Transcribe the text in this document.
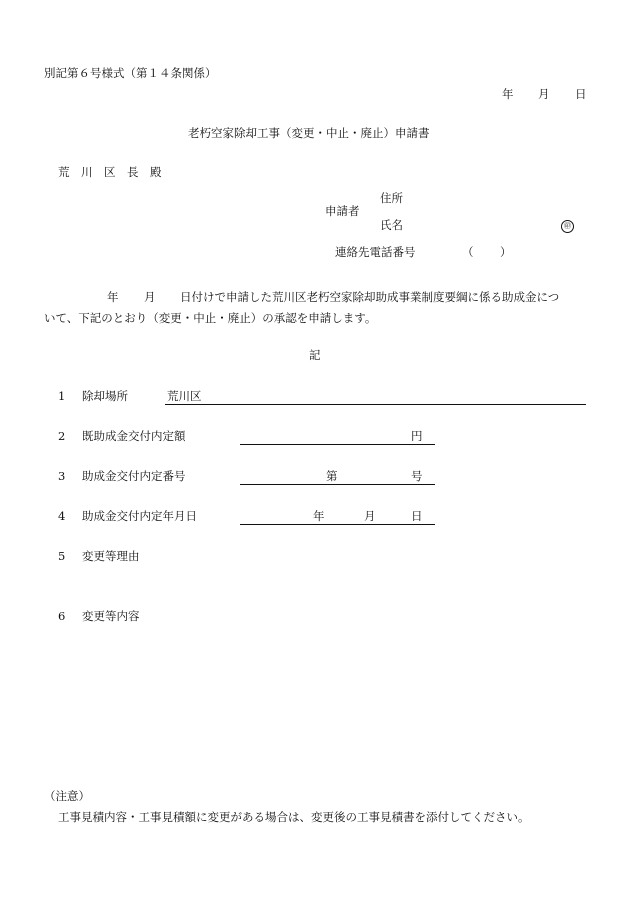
別記第６号様式（第１４条関係）
年 月 日
老朽空家除却工事（変更・中止・廃止）申請書
荒　川　区　長　殿
住所
申請者
氏名	㊞
連絡先電話番号	（ ）
年 月 日付けで申請した荒川区老朽空家除却助成事業制度要綱に係る助成金につ
いて、下記のとおり（変更・中止・廃止）の承認を申請します。
記
1 除却場所	荒川区
2 既助成金交付内定額	円
3 助成金交付内定番号	第	号
4 助成金交付内定年月日	年	月	日
5 変更等理由
6 変更等内容
（注意）
工事見積内容・工事見積額に変更がある場合は、変更後の工事見積書を添付してください。
